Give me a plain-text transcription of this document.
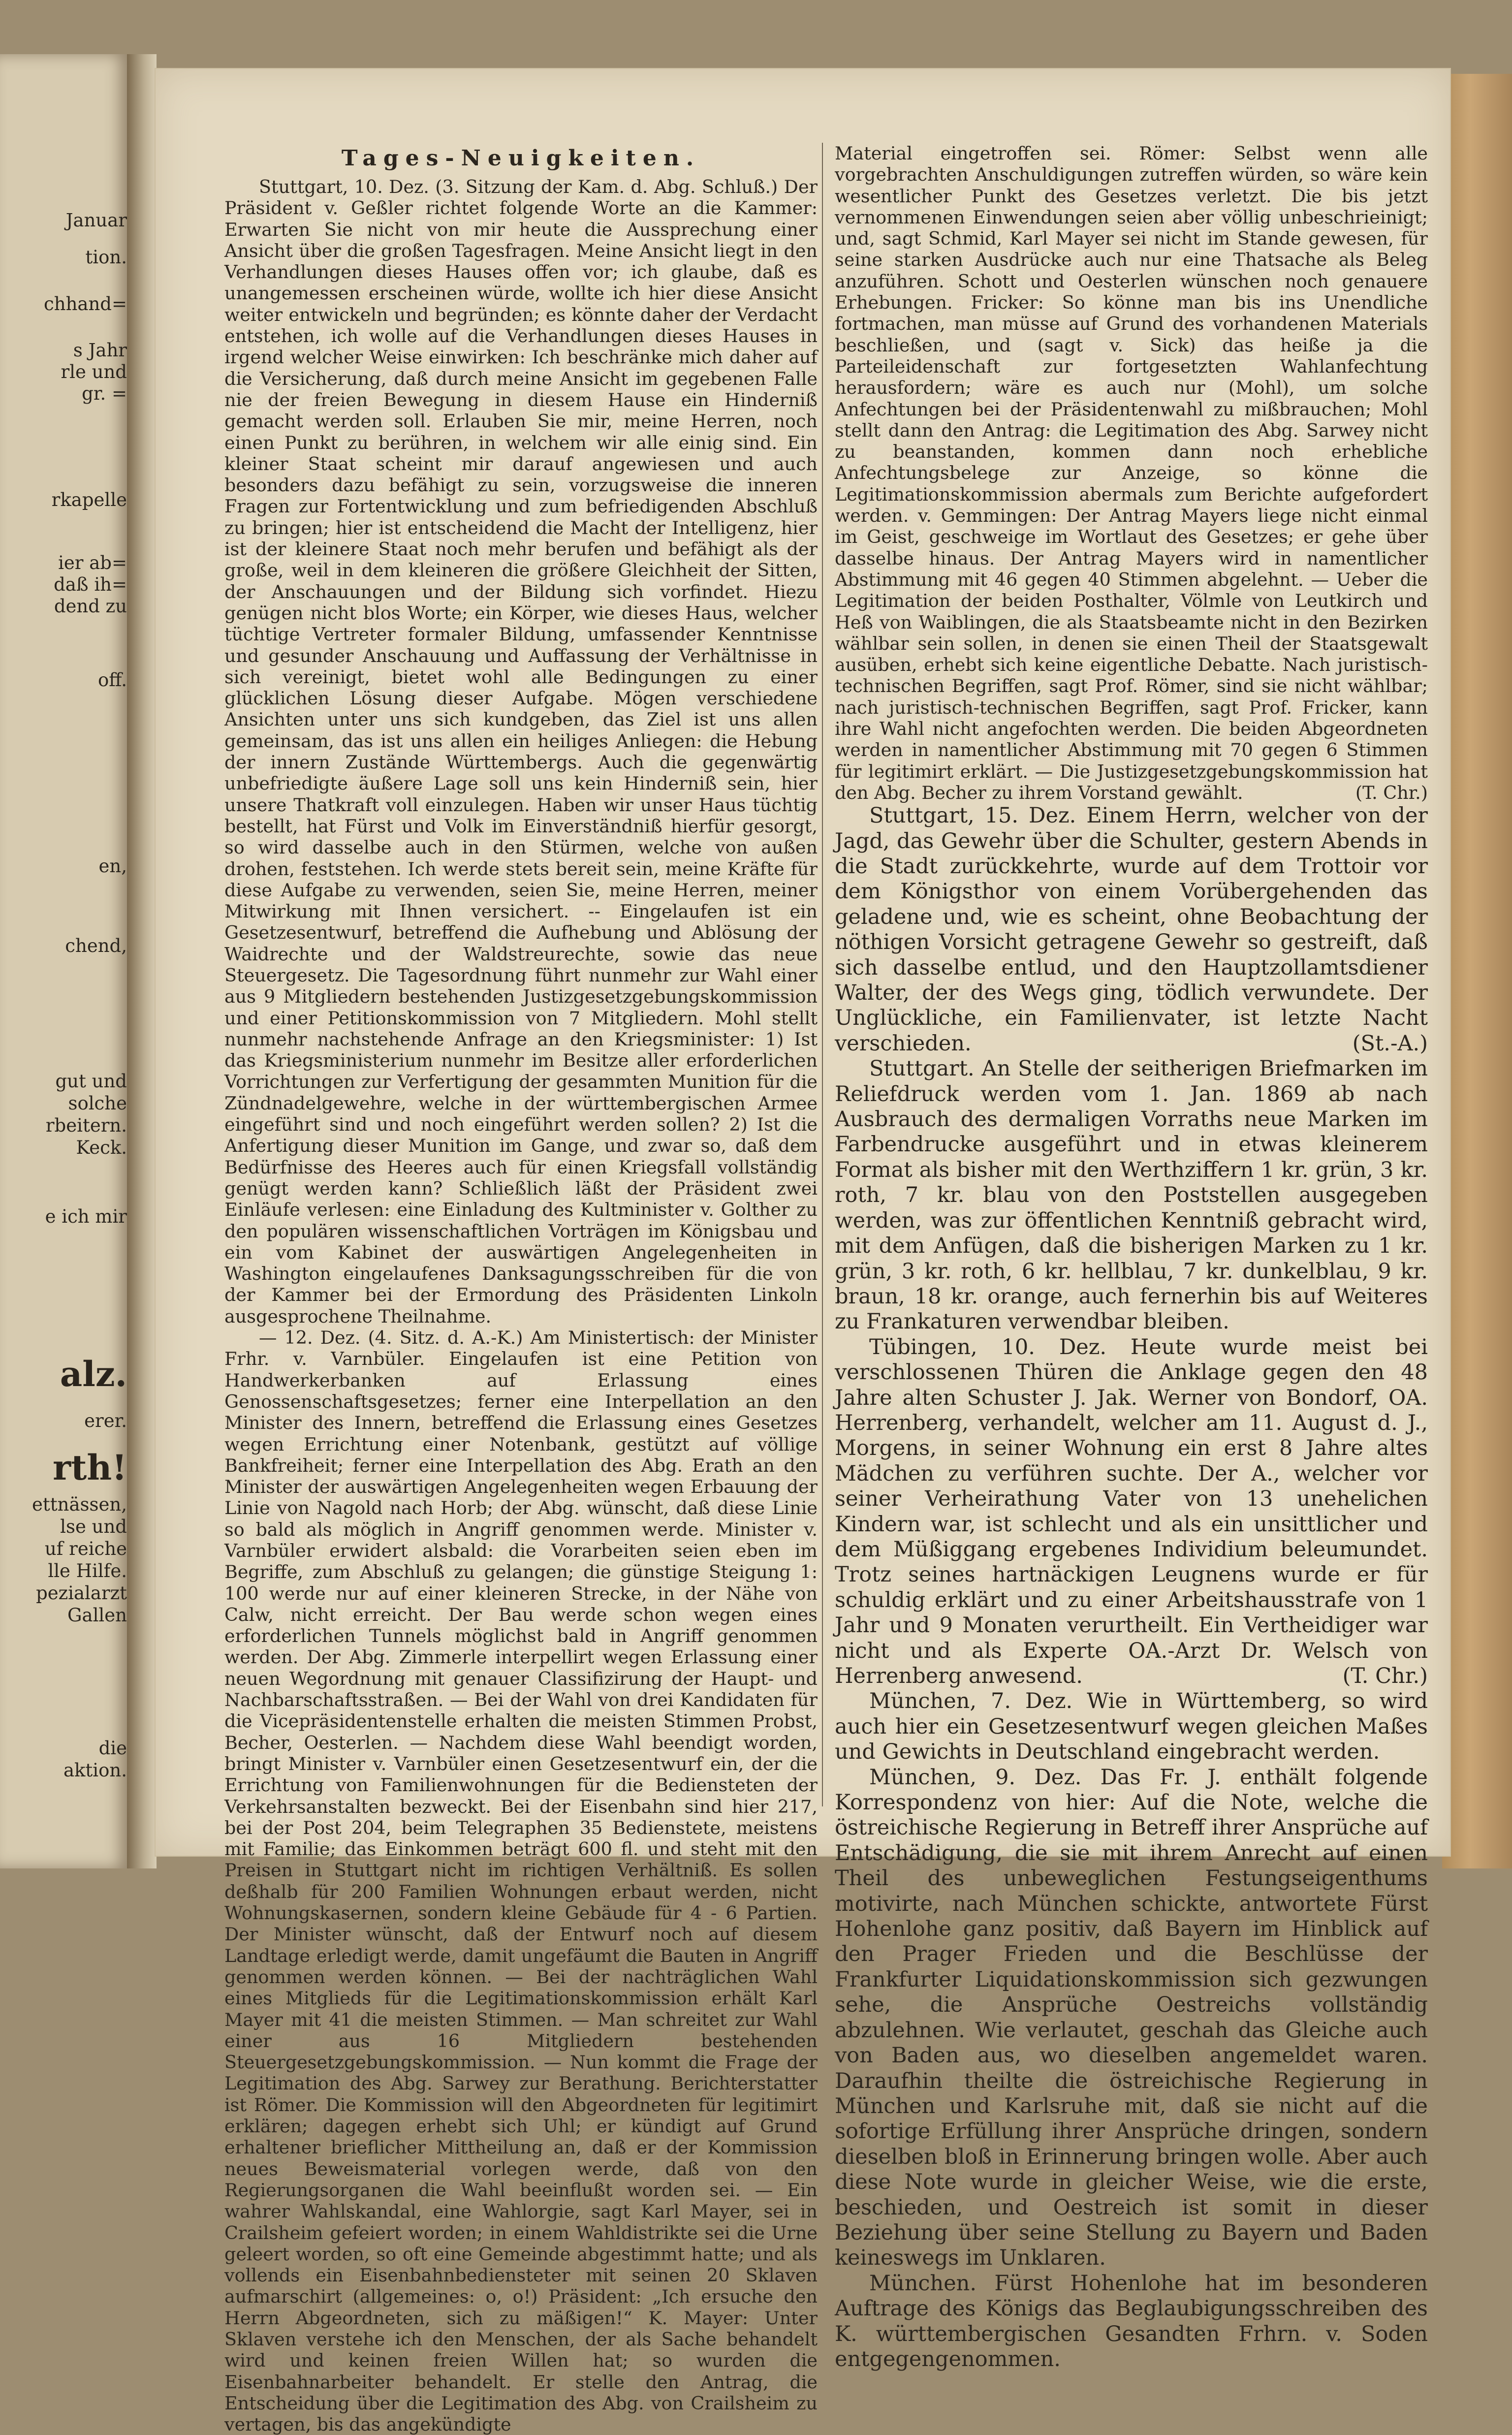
Januar
tion.
chhand=
s Jahr
rle und
gr. =
rkapelle
ier ab=
daß ih=
dend zu
off.
en,
chend,
gut und
solche
rbeitern.
Keck.
e ich mir
alz.
erer.
rth!
ettnässen,
lse und
uf reiche
lle Hilfe.
pezialarzt
Gallen
die
aktion.

Tages-Neuigkeiten.

Stuttgart, 10. Dez. (3. Sitzung der Kam. d. Abg. Schluß.) Der Präsident v. Geßler richtet folgende Worte an die Kammer: Erwarten Sie nicht von mir heute die Aussprechung einer Ansicht über die großen Tagesfragen. Meine Ansicht liegt in den Verhandlungen dieses Hauses offen vor; ich glaube, daß es unangemessen erscheinen würde, wollte ich hier diese Ansicht weiter entwickeln und begründen; es könnte daher der Verdacht entstehen, ich wolle auf die Verhandlungen dieses Hauses in irgend welcher Weise einwirken: Ich beschränke mich daher auf die Versicherung, daß durch meine Ansicht im gegebenen Falle nie der freien Bewegung in diesem Hause ein Hinderniß gemacht werden soll. Erlauben Sie mir, meine Herren, noch einen Punkt zu berühren, in welchem wir alle einig sind. Ein kleiner Staat scheint mir darauf angewiesen und auch besonders dazu befähigt zu sein, vorzugsweise die inneren Fragen zur Fortentwicklung und zum befriedigenden Abschluß zu bringen; hier ist entscheidend die Macht der Intelligenz, hier ist der kleinere Staat noch mehr berufen und befähigt als der große, weil in dem kleineren die größere Gleichheit der Sitten, der Anschauungen und der Bildung sich vorfindet. Hiezu genügen nicht blos Worte; ein Körper, wie dieses Haus, welcher tüchtige Vertreter formaler Bildung, umfassender Kenntnisse und gesunder Anschauung und Auffassung der Verhältnisse in sich vereinigt, bietet wohl alle Bedingungen zu einer glücklichen Lösung dieser Aufgabe. Mögen verschiedene Ansichten unter uns sich kundgeben, das Ziel ist uns allen gemeinsam, das ist uns allen ein heiliges Anliegen: die Hebung der innern Zustände Württembergs. Auch die gegenwärtig unbefriedigte äußere Lage soll uns kein Hinderniß sein, hier unsere Thatkraft voll einzulegen. Haben wir unser Haus tüchtig bestellt, hat Fürst und Volk im Einverständniß hierfür gesorgt, so wird dasselbe auch in den Stürmen, welche von außen drohen, feststehen. Ich werde stets bereit sein, meine Kräfte für diese Aufgabe zu verwenden, seien Sie, meine Herren, meiner Mitwirkung mit Ihnen versichert. -- Eingelaufen ist ein Gesetzesentwurf, betreffend die Aufhebung und Ablösung der Waidrechte und der Waldstreurechte, sowie das neue Steuergesetz. Die Tagesordnung führt nunmehr zur Wahl einer aus 9 Mitgliedern bestehenden Justizgesetzgebungskommission und einer Petitionskommission von 7 Mitgliedern. Mohl stellt nunmehr nachstehende Anfrage an den Kriegsminister: 1) Ist das Kriegsministerium nunmehr im Besitze aller erforderlichen Vorrichtungen zur Verfertigung der gesammten Munition für die Zündnadelgewehre, welche in der württembergischen Armee eingeführt sind und noch eingeführt werden sollen? 2) Ist die Anfertigung dieser Munition im Gange, und zwar so, daß dem Bedürfnisse des Heeres auch für einen Kriegsfall vollständig genügt werden kann? Schließlich läßt der Präsident zwei Einläufe verlesen: eine Einladung des Kultminister v. Golther zu den populären wissenschaftlichen Vorträgen im Königsbau und ein vom Kabinet der auswärtigen Angelegenheiten in Washington eingelaufenes Danksagungsschreiben für die von der Kammer bei der Ermordung des Präsidenten Linkoln ausgesprochene Theilnahme.

— 12. Dez. (4. Sitz. d. A.-K.) Am Ministertisch: der Minister Frhr. v. Varnbüler. Eingelaufen ist eine Petition von Handwerkerbanken auf Erlassung eines Genossenschaftsgesetzes; ferner eine Interpellation an den Minister des Innern, betreffend die Erlassung eines Gesetzes wegen Errichtung einer Notenbank, gestützt auf völlige Bankfreiheit; ferner eine Interpellation des Abg. Erath an den Minister der auswärtigen Angelegenheiten wegen Erbauung der Linie von Nagold nach Horb; der Abg. wünscht, daß diese Linie so bald als möglich in Angriff genommen werde. Minister v. Varnbüler erwidert alsbald: die Vorarbeiten seien eben im Begriffe, zum Abschluß zu gelangen; die günstige Steigung 1: 100 werde nur auf einer kleineren Strecke, in der Nähe von Calw, nicht erreicht. Der Bau werde schon wegen eines erforderlichen Tunnels möglichst bald in Angriff genommen werden. Der Abg. Zimmerle interpellirt wegen Erlassung einer neuen Wegordnung mit genauer Classifizirung der Haupt- und Nachbarschaftsstraßen. — Bei der Wahl von drei Kandidaten für die Vicepräsidentenstelle erhalten die meisten Stimmen Probst, Becher, Oesterlen. — Nachdem diese Wahl beendigt worden, bringt Minister v. Varnbüler einen Gesetzesentwurf ein, der die Errichtung von Familienwohnungen für die Bediensteten der Verkehrsanstalten bezweckt. Bei der Eisenbahn sind hier 217, bei der Post 204, beim Telegraphen 35 Bedienstete, meistens mit Familie; das Einkommen beträgt 600 fl. und steht mit den Preisen in Stuttgart nicht im richtigen Verhältniß. Es sollen deßhalb für 200 Familien Wohnungen erbaut werden, nicht Wohnungskasernen, sondern kleine Gebäude für 4 - 6 Partien. Der Minister wünscht, daß der Entwurf noch auf diesem Landtage erledigt werde, damit ungefäumt die Bauten in Angriff genommen werden können. — Bei der nachträglichen Wahl eines Mitglieds für die Legitimationskommission erhält Karl Mayer mit 41 die meisten Stimmen. — Man schreitet zur Wahl einer aus 16 Mitgliedern bestehenden Steuergesetzgebungskommission. — Nun kommt die Frage der Legitimation des Abg. Sarwey zur Berathung. Berichterstatter ist Römer. Die Kommission will den Abgeordneten für legitimirt erklären; dagegen erhebt sich Uhl; er kündigt auf Grund erhaltener brieflicher Mittheilung an, daß er der Kommission neues Beweismaterial vorlegen werde, daß von den Regierungsorganen die Wahl beeinflußt worden sei. — Ein wahrer Wahlskandal, eine Wahlorgie, sagt Karl Mayer, sei in Crailsheim gefeiert worden; in einem Wahldistrikte sei die Urne geleert worden, so oft eine Gemeinde abgestimmt hatte; und als vollends ein Eisenbahnbediensteter mit seinen 20 Sklaven aufmarschirt (allgemeines: o, o!) Präsident: „Ich ersuche den Herrn Abgeordneten, sich zu mäßigen!“ K. Mayer: Unter Sklaven verstehe ich den Menschen, der als Sache behandelt wird und keinen freien Willen hat; so wurden die Eisenbahnarbeiter behandelt. Er stelle den Antrag, die Entscheidung über die Legitimation des Abg. von Crailsheim zu vertagen, bis das angekündigte

Material eingetroffen sei. Römer: Selbst wenn alle vorgebrachten Anschuldigungen zutreffen würden, so wäre kein wesentlicher Punkt des Gesetzes verletzt. Die bis jetzt vernommenen Einwendungen seien aber völlig unbeschrieinigt; und, sagt Schmid, Karl Mayer sei nicht im Stande gewesen, für seine starken Ausdrücke auch nur eine Thatsache als Beleg anzuführen. Schott und Oesterlen wünschen noch genauere Erhebungen. Fricker: So könne man bis ins Unendliche fortmachen, man müsse auf Grund des vorhandenen Materials beschließen, und (sagt v. Sick) das heiße ja die Parteileidenschaft zur fortgesetzten Wahlanfechtung herausfordern; wäre es auch nur (Mohl), um solche Anfechtungen bei der Präsidentenwahl zu mißbrauchen; Mohl stellt dann den Antrag: die Legitimation des Abg. Sarwey nicht zu beanstanden, kommen dann noch erhebliche Anfechtungsbelege zur Anzeige, so könne die Legitimationskommission abermals zum Berichte aufgefordert werden. v. Gemmingen: Der Antrag Mayers liege nicht einmal im Geist, geschweige im Wortlaut des Gesetzes; er gehe über dasselbe hinaus. Der Antrag Mayers wird in namentlicher Abstimmung mit 46 gegen 40 Stimmen abgelehnt. — Ueber die Legitimation der beiden Posthalter, Völmle von Leutkirch und Heß von Waiblingen, die als Staatsbeamte nicht in den Bezirken wählbar sein sollen, in denen sie einen Theil der Staatsgewalt ausüben, erhebt sich keine eigentliche Debatte. Nach juristisch-technischen Begriffen, sagt Prof. Römer, sind sie nicht wählbar; nach juristisch-technischen Begriffen, sagt Prof. Fricker, kann ihre Wahl nicht angefochten werden. Die beiden Abgeordneten werden in namentlicher Abstimmung mit 70 gegen 6 Stimmen für legitimirt erklärt. — Die Justizgesetzgebungskommission hat den Abg. Becher zu ihrem Vorstand gewählt.	(T. Chr.)

Stuttgart, 15. Dez. Einem Herrn, welcher von der Jagd, das Gewehr über die Schulter, gestern Abends in die Stadt zurückkehrte, wurde auf dem Trottoir vor dem Königsthor von einem Vorübergehenden das geladene und, wie es scheint, ohne Beobachtung der nöthigen Vorsicht getragene Gewehr so gestreift, daß sich dasselbe entlud, und den Hauptzollamtsdiener Walter, der des Wegs ging, tödlich verwundete. Der Unglückliche, ein Familienvater, ist letzte Nacht verschieden.	(St.-A.)

Stuttgart. An Stelle der seitherigen Briefmarken im Reliefdruck werden vom 1. Jan. 1869 ab nach Ausbrauch des dermaligen Vorraths neue Marken im Farbendrucke ausgeführt und in etwas kleinerem Format als bisher mit den Werthziffern 1 kr. grün, 3 kr. roth, 7 kr. blau von den Poststellen ausgegeben werden, was zur öffentlichen Kenntniß gebracht wird, mit dem Anfügen, daß die bisherigen Marken zu 1 kr. grün, 3 kr. roth, 6 kr. hellblau, 7 kr. dunkelblau, 9 kr. braun, 18 kr. orange, auch fernerhin bis auf Weiteres zu Frankaturen verwendbar bleiben.

Tübingen, 10. Dez. Heute wurde meist bei verschlossenen Thüren die Anklage gegen den 48 Jahre alten Schuster J. Jak. Werner von Bondorf, OA. Herrenberg, verhandelt, welcher am 11. August d. J., Morgens, in seiner Wohnung ein erst 8 Jahre altes Mädchen zu verführen suchte. Der A., welcher vor seiner Verheirathung Vater von 13 unehelichen Kindern war, ist schlecht und als ein unsittlicher und dem Müßiggang ergebenes Individium beleumundet. Trotz seines hartnäckigen Leugnens wurde er für schuldig erklärt und zu einer Arbeitshausstrafe von 1 Jahr und 9 Monaten verurtheilt. Ein Vertheidiger war nicht und als Experte OA.-Arzt Dr. Welsch von Herrenberg anwesend.	(T. Chr.)

München, 7. Dez. Wie in Württemberg, so wird auch hier ein Gesetzesentwurf wegen gleichen Maßes und Gewichts in Deutschland eingebracht werden.

München, 9. Dez. Das Fr. J. enthält folgende Korrespondenz von hier: Auf die Note, welche die östreichische Regierung in Betreff ihrer Ansprüche auf Entschädigung, die sie mit ihrem Anrecht auf einen Theil des unbeweglichen Festungseigenthums motivirte, nach München schickte, antwortete Fürst Hohenlohe ganz positiv, daß Bayern im Hinblick auf den Prager Frieden und die Beschlüsse der Frankfurter Liquidationskommission sich gezwungen sehe, die Ansprüche Oestreichs vollständig abzulehnen. Wie verlautet, geschah das Gleiche auch von Baden aus, wo dieselben angemeldet waren. Daraufhin theilte die östreichische Regierung in München und Karlsruhe mit, daß sie nicht auf die sofortige Erfüllung ihrer Ansprüche dringen, sondern dieselben bloß in Erinnerung bringen wolle. Aber auch diese Note wurde in gleicher Weise, wie die erste, beschieden, und Oestreich ist somit in dieser Beziehung über seine Stellung zu Bayern und Baden keineswegs im Unklaren.

München. Fürst Hohenlohe hat im besonderen Auftrage des Königs das Beglaubigungsschreiben des K. württembergischen Gesandten Frhrn. v. Soden entgegengenommen.
